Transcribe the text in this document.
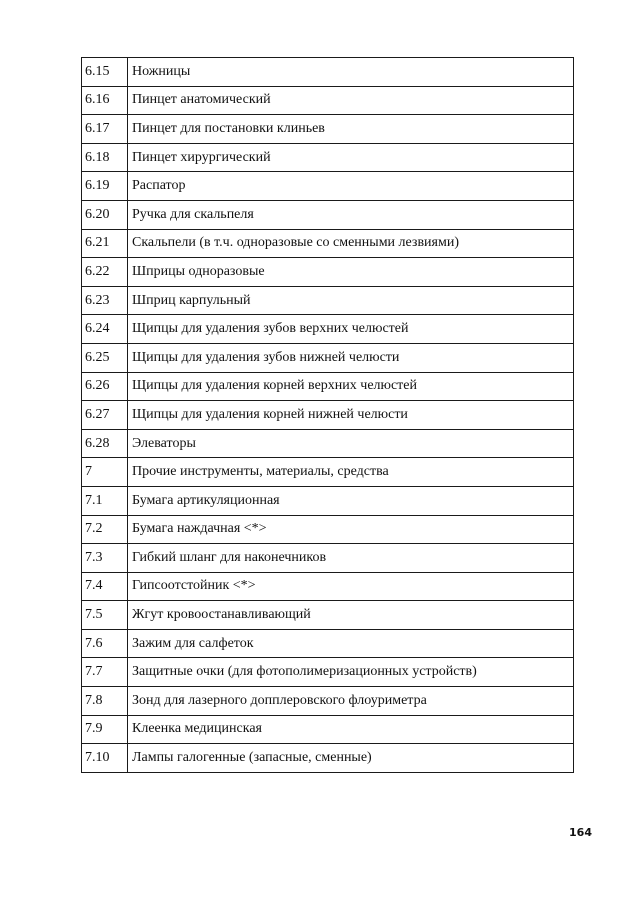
6.15	Ножницы
6.16	Пинцет анатомический
6.17	Пинцет для постановки клиньев
6.18	Пинцет хирургический
6.19	Распатор
6.20	Ручка для скальпеля
6.21	Скальпели (в т.ч. одноразовые со сменными лезвиями)
6.22	Шприцы одноразовые
6.23	Шприц карпульный
6.24	Щипцы для удаления зубов верхних челюстей
6.25	Щипцы для удаления зубов нижней челюсти
6.26	Щипцы для удаления корней верхних челюстей
6.27	Щипцы для удаления корней нижней челюсти
6.28	Элеваторы
7	Прочие инструменты, материалы, средства
7.1	Бумага артикуляционная
7.2	Бумага наждачная <*>
7.3	Гибкий шланг для наконечников
7.4	Гипсоотстойник <*>
7.5	Жгут кровоостанавливающий
7.6	Зажим для салфеток
7.7	Защитные очки (для фотополимеризационных устройств)
7.8	Зонд для лазерного допплеровского флоуриметра
7.9	Клеенка медицинская
7.10	Лампы галогенные (запасные, сменные)
164
